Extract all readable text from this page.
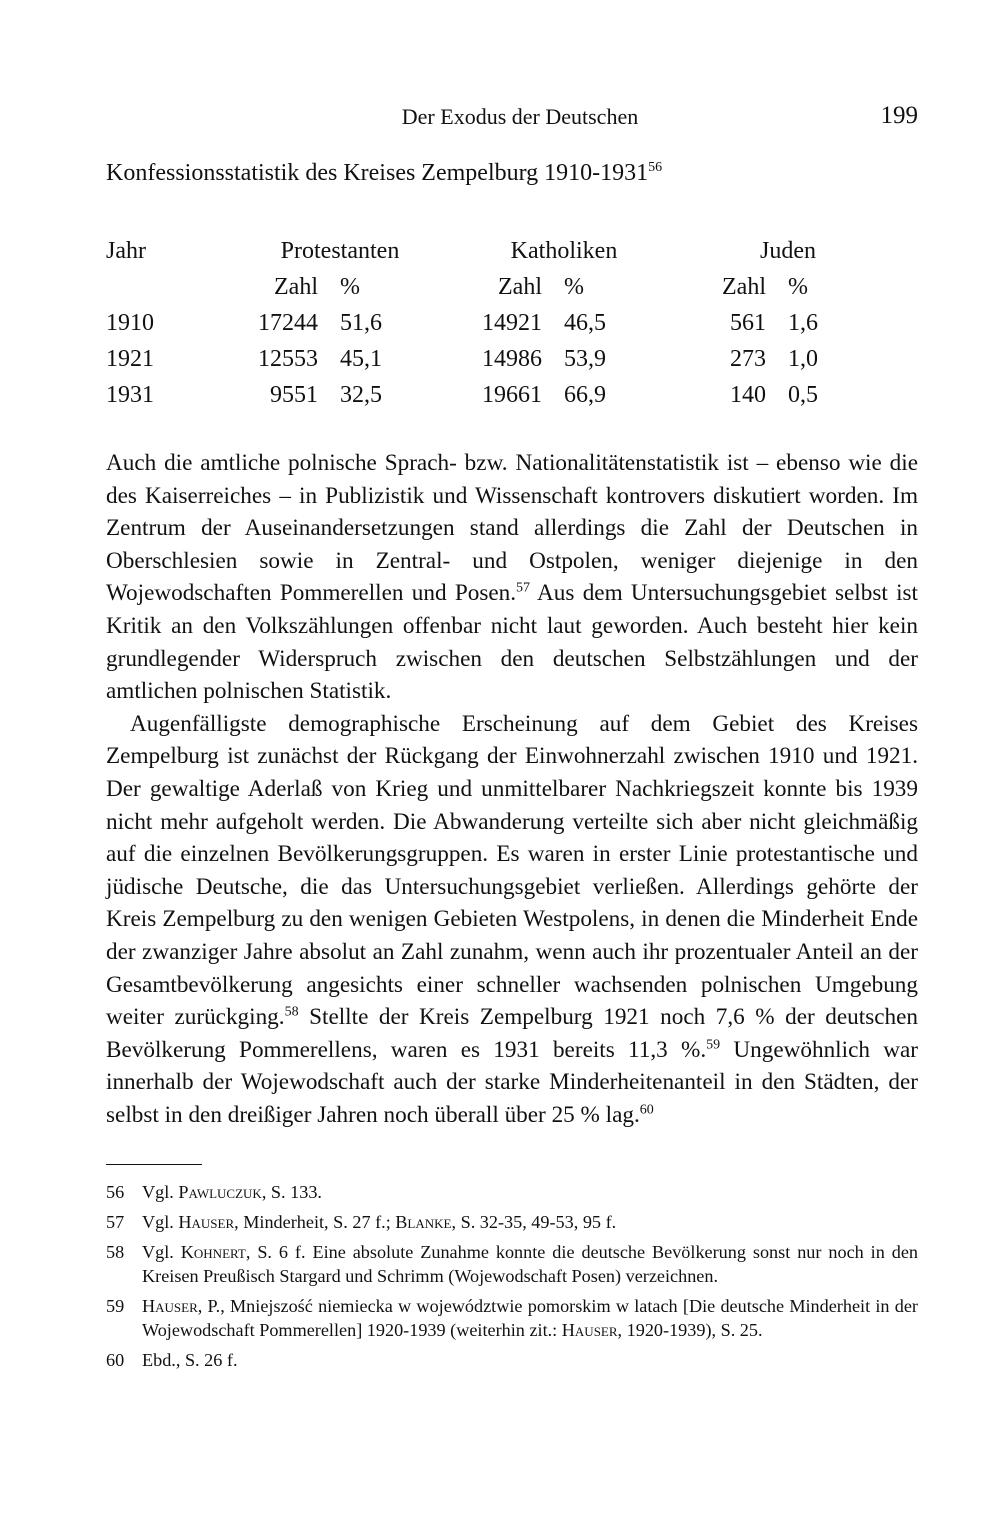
Der Exodus der Deutschen	199
Konfessionsstatistik des Kreises Zempelburg 1910-1931$^{56}$
Jahr	Protestanten		Katholiken		Juden	
	Zahl	%	Zahl	%	Zahl	%
1910	17244	51,6	14921	46,5	561	1,6
1921	12553	45,1	14986	53,9	273	1,0
1931	9551	32,5	19661	66,9	140	0,5

Auch die amtliche polnische Sprach- bzw. Nationalitätenstatistik ist – ebenso wie die des Kaiserreiches – in Publizistik und Wissenschaft kontrovers diskutiert worden. Im Zentrum der Auseinandersetzungen stand allerdings die Zahl der Deutschen in Oberschlesien sowie in Zentral- und Ostpolen, weniger diejenige in den Wojewodschaften Pommerellen und Posen.$^{57}$ Aus dem Untersuchungsgebiet selbst ist Kritik an den Volkszählungen offenbar nicht laut geworden. Auch besteht hier kein grundlegender Widerspruch zwischen den deutschen Selbstzählungen und der amtlichen polnischen Statistik.

Augenfälligste demographische Erscheinung auf dem Gebiet des Kreises Zempelburg ist zunächst der Rückgang der Einwohnerzahl zwischen 1910 und 1921. Der gewaltige Aderlaß von Krieg und unmittelbarer Nachkriegszeit konnte bis 1939 nicht mehr aufgeholt werden. Die Abwanderung verteilte sich aber nicht gleichmäßig auf die einzelnen Bevölkerungsgruppen. Es waren in erster Linie protestantische und jüdische Deutsche, die das Untersuchungsgebiet verließen. Allerdings gehörte der Kreis Zempelburg zu den wenigen Gebieten Westpolens, in denen die Minderheit Ende der zwanziger Jahre absolut an Zahl zunahm, wenn auch ihr prozentualer Anteil an der Gesamtbevölkerung angesichts einer schneller wachsenden polnischen Umgebung weiter zurückging.$^{58}$ Stellte der Kreis Zempelburg 1921 noch 7,6 % der deutschen Bevölkerung Pommerellens, waren es 1931 bereits 11,3 %.$^{59}$ Ungewöhnlich war innerhalb der Wojewodschaft auch der starke Minderheitenanteil in den Städten, der selbst in den dreißiger Jahren noch überall über 25 % lag.$^{60}$

56 Vgl. Pawluczuk, S. 133.
57 Vgl. Hauser, Minderheit, S. 27 f.; Blanke, S. 32-35, 49-53, 95 f.
58 Vgl. Kohnert, S. 6 f. Eine absolute Zunahme konnte die deutsche Bevölkerung sonst nur noch in den Kreisen Preußisch Stargard und Schrimm (Wojewodschaft Posen) verzeichnen.
59 Hauser, P., Mniejszość niemiecka w województwie pomorskim w latach [Die deutsche Minderheit in der Wojewodschaft Pommerellen] 1920-1939 (weiterhin zit.: Hauser, 1920-1939), S. 25.
60 Ebd., S. 26 f.
